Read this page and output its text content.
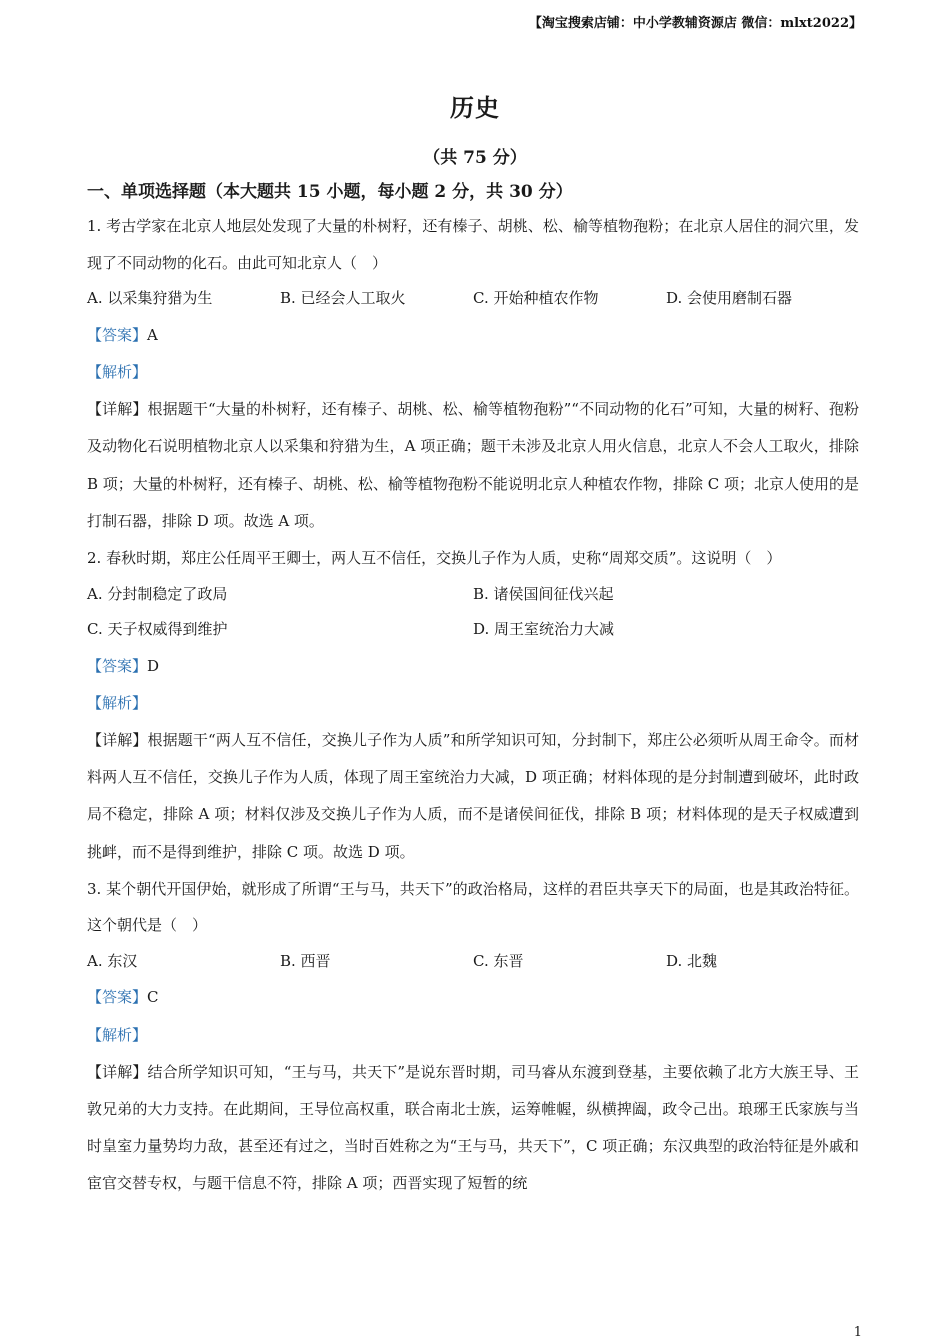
【淘宝搜索店铺：中小学教辅资源店 微信：mlxt2022】
历史
（共 75 分）
一、单项选择题（本大题共 15 小题，每小题 2 分，共 30 分）
1. 考古学家在北京人地层处发现了大量的朴树籽，还有榛子、胡桃、松、榆等植物孢粉；在北京人居住的洞穴里，发现了不同动物的化石。由此可知北京人（　）
A. 以采集狩猎为生	B. 已经会人工取火	C. 开始种植农作物	D. 会使用磨制石器
【答案】A
【解析】
【详解】根据题干“大量的朴树籽，还有榛子、胡桃、松、榆等植物孢粉”“不同动物的化石”可知，大量的树籽、孢粉及动物化石说明植物北京人以采集和狩猎为生，A 项正确；题干未涉及北京人用火信息，北京人不会人工取火，排除 B 项；大量的朴树籽，还有榛子、胡桃、松、榆等植物孢粉不能说明北京人种植农作物，排除 C 项；北京人使用的是打制石器，排除 D 项。故选 A 项。
2. 春秋时期，郑庄公任周平王卿士，两人互不信任，交换儿子作为人质，史称“周郑交质”。这说明（　）
A. 分封制稳定了政局	B. 诸侯国间征伐兴起
C. 天子权威得到维护	D. 周王室统治力大减
【答案】D
【解析】
【详解】根据题干“两人互不信任，交换儿子作为人质”和所学知识可知，分封制下，郑庄公必须听从周王命令。而材料两人互不信任，交换儿子作为人质，体现了周王室统治力大减，D 项正确；材料体现的是分封制遭到破坏，此时政局不稳定，排除 A 项；材料仅涉及交换儿子作为人质，而不是诸侯间征伐，排除 B 项；材料体现的是天子权威遭到挑衅，而不是得到维护，排除 C 项。故选 D 项。
3. 某个朝代开国伊始，就形成了所谓“王与马，共天下”的政治格局，这样的君臣共享天下的局面，也是其政治特征。这个朝代是（　）
A. 东汉	B. 西晋	C. 东晋	D. 北魏
【答案】C
【解析】
【详解】结合所学知识可知，“王与马，共天下”是说东晋时期，司马睿从东渡到登基，主要依赖了北方大族王导、王敦兄弟的大力支持。在此期间，王导位高权重，联合南北士族，运筹帷幄，纵横捭阖，政令己出。琅琊王氏家族与当时皇室力量势均力敌，甚至还有过之，当时百姓称之为“王与马，共天下”，C 项正确；东汉典型的政治特征是外戚和宦官交替专权，与题干信息不符，排除 A 项；西晋实现了短暂的统
1
